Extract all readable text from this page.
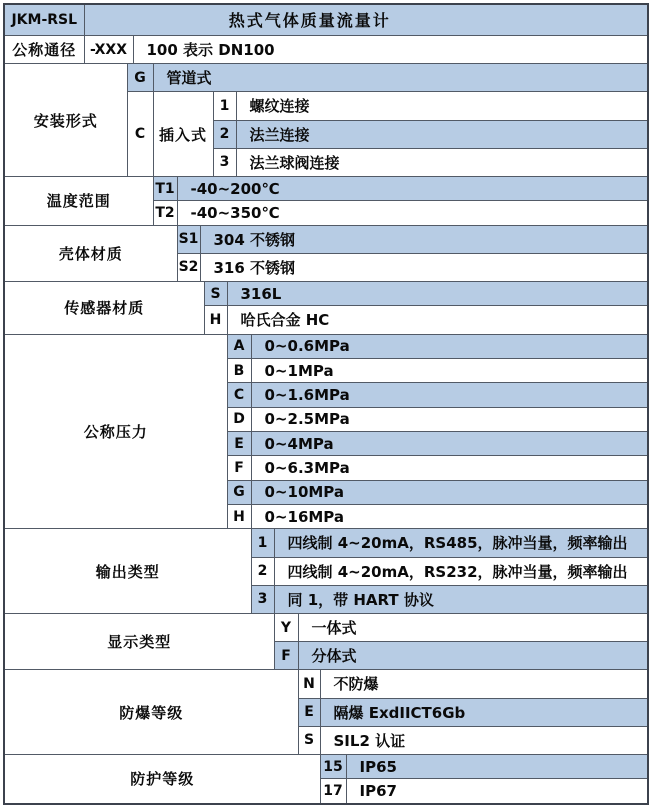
JKM-RSL	热式气体质量流量计														
公称通径	-XXX		100 表示 DN100												
安装形式		G		管道式											
		C		插入式				1		螺纹连接					
								2		法兰连接					
								3		法兰球阀连接					
温度范围				T1	-40~200℃										
				T2	-40~350℃										
壳体材质					S1	304 不锈钢									
					S2	316 不锈钢									
传感器材质							S		316L						
							H		哈氏合金 HC						
公称压力									A		0~0.6MPa				
									B		0~1MPa				
									C		0~1.6MPa				
									D		0~2.5MPa				
									E		0~4MPa				
									F		0~6.3MPa				
									G		0~10MPa				
									H		0~16MPa				
输出类型											1	四线制 4~20mA，RS485，脉冲当量，频率输出			
											2	四线制 4~20mA，RS232，脉冲当量，频率输出			
											3	同 1，带 HART 协议			
显示类型												Y	一体式		
												F	分体式		
防爆等级													N	不防爆	
													E	隔爆 ExdIICT6Gb	
													S	SIL2 认证	
防护等级														15	IP65
														17	IP67
